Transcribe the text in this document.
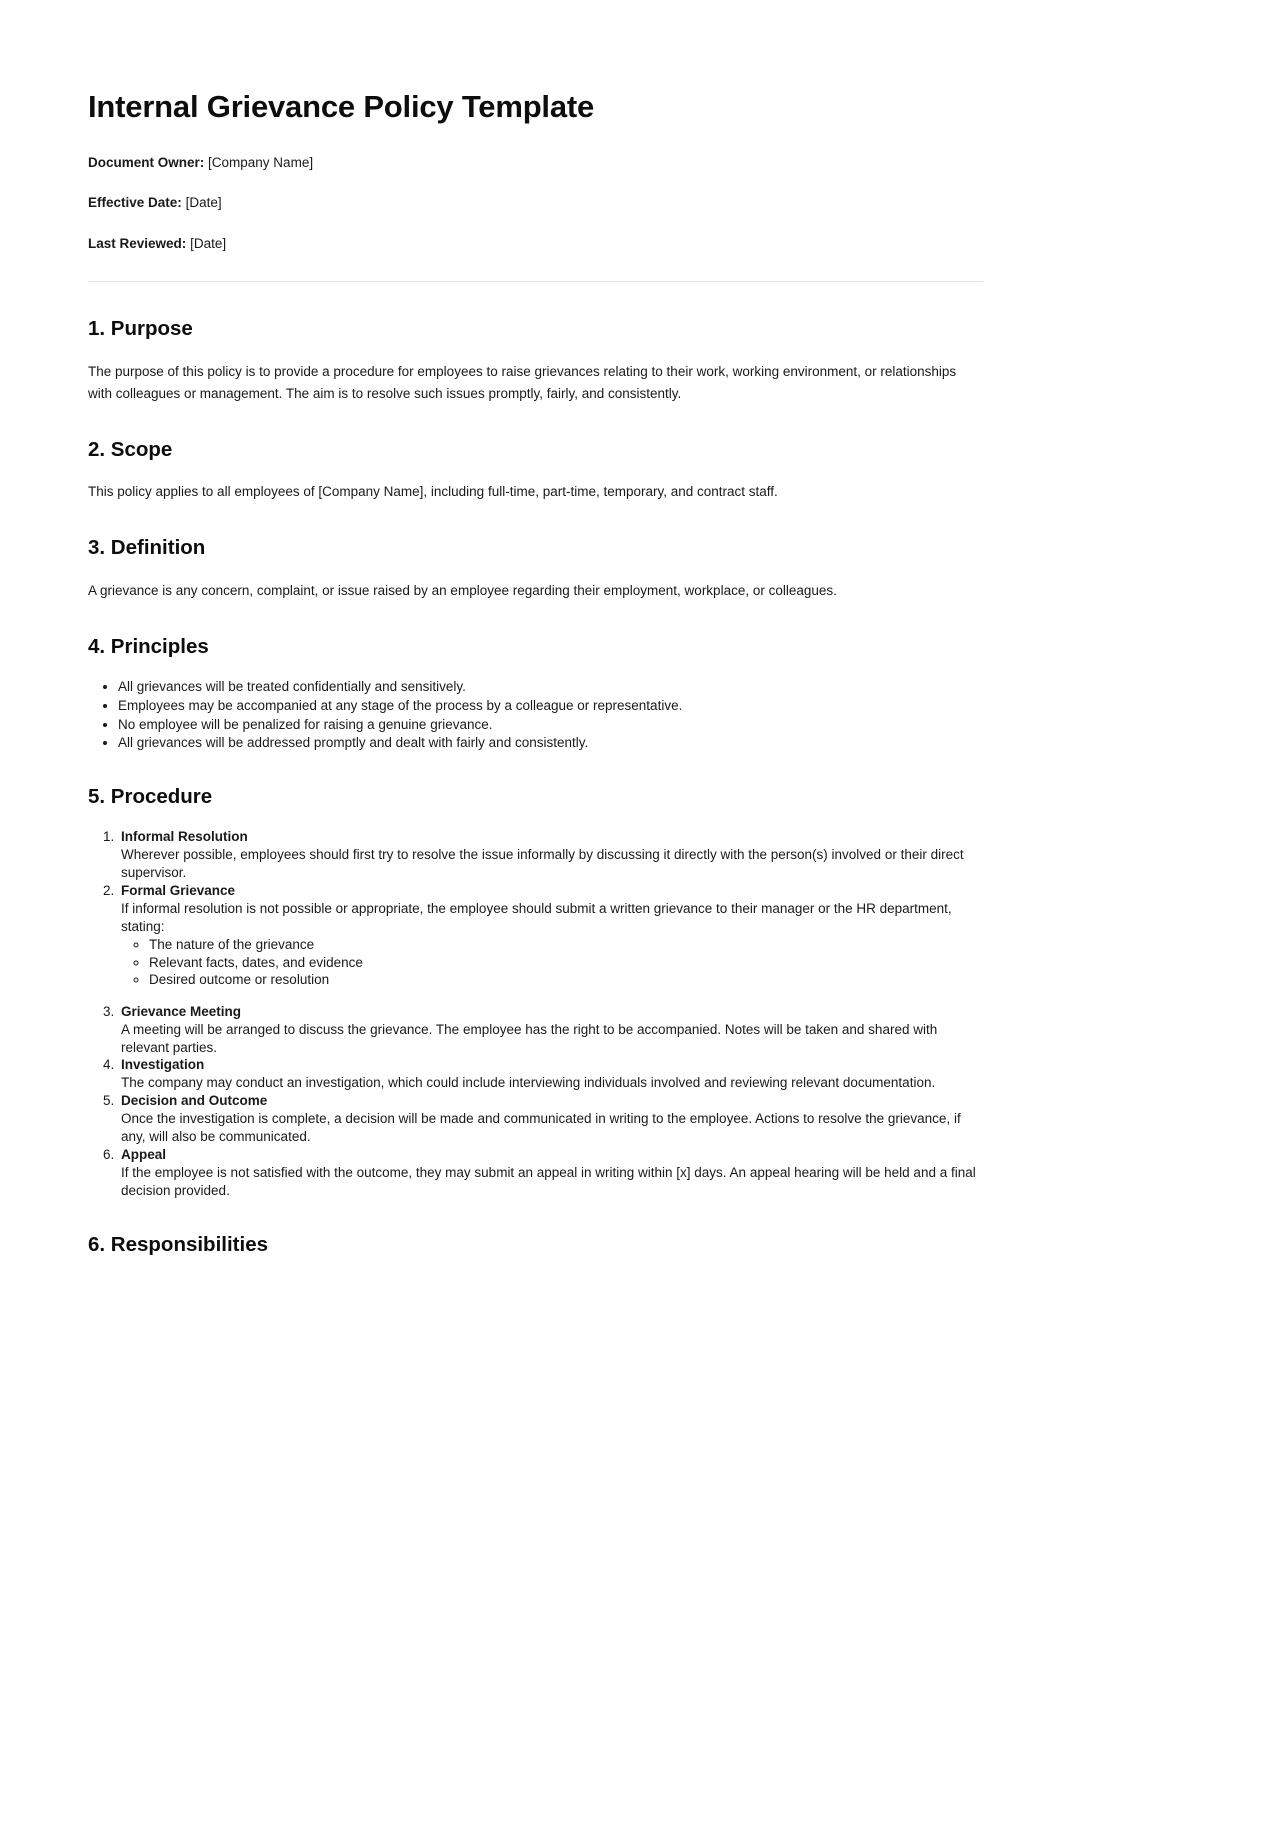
Internal Grievance Policy Template

Document Owner: [Company Name]

Effective Date: [Date]

Last Reviewed: [Date]

1. Purpose

The purpose of this policy is to provide a procedure for employees to raise grievances relating to their work, working environment, or relationships with colleagues or management. The aim is to resolve such issues promptly, fairly, and consistently.

2. Scope

This policy applies to all employees of [Company Name], including full-time, part-time, temporary, and contract staff.

3. Definition

A grievance is any concern, complaint, or issue raised by an employee regarding their employment, workplace, or colleagues.

4. Principles
• All grievances will be treated confidentially and sensitively.
• Employees may be accompanied at any stage of the process by a colleague or representative.
• No employee will be penalized for raising a genuine grievance.
• All grievances will be addressed promptly and dealt with fairly and consistently.
5. Procedure
1. Informal Resolution
Wherever possible, employees should first try to resolve the issue informally by discussing it directly with the person(s) involved or their direct supervisor.
2. Formal Grievance
If informal resolution is not possible or appropriate, the employee should submit a written grievance to their manager or the HR department, stating:
◦ The nature of the grievance
◦ Relevant facts, dates, and evidence
◦ Desired outcome or resolution
3. Grievance Meeting
A meeting will be arranged to discuss the grievance. The employee has the right to be accompanied. Notes will be taken and shared with relevant parties.
4. Investigation
The company may conduct an investigation, which could include interviewing individuals involved and reviewing relevant documentation.
5. Decision and Outcome
Once the investigation is complete, a decision will be made and communicated in writing to the employee. Actions to resolve the grievance, if any, will also be communicated.
6. Appeal
If the employee is not satisfied with the outcome, they may submit an appeal in writing within [x] days. An appeal hearing will be held and a final decision provided.
6. Responsibilities
